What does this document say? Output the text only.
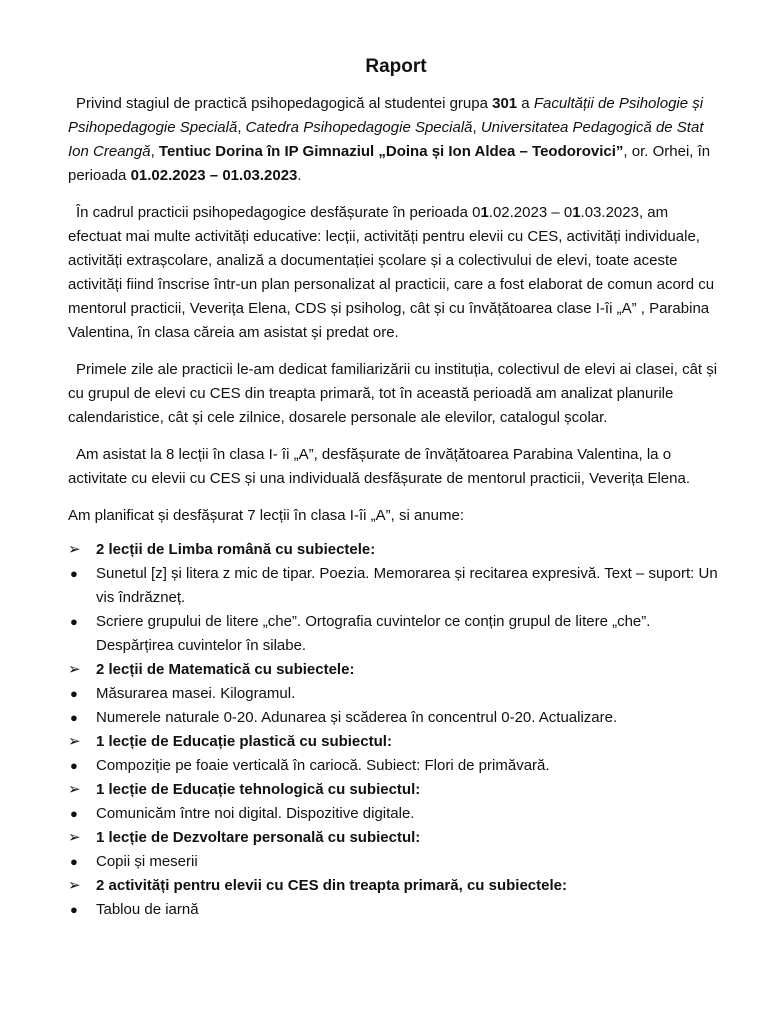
Raport

Privind stagiul de practică psihopedagogică al studentei grupa 301 a Facultății de Psihologie și Psihopedagogie Specială, Catedra Psihopedagogie Specială, Universitatea Pedagogică de Stat Ion Creangă, Tentiuc Dorina în IP Gimnaziul „Doina și Ion Aldea – Teodorovici”, or. Orhei, în perioada 01.02.2023 – 01.03.2023.

În cadrul practicii psihopedagogice desfășurate în perioada 01.02.2023 – 01.03.2023, am efectuat mai multe activități educative: lecții, activități pentru elevii cu CES, activități individuale, activități extrașcolare, analiză a documentației școlare și a colectivului de elevi, toate aceste activități fiind înscrise într-un plan personalizat al practicii, care a fost elaborat de comun acord cu mentorul practicii, Veverița Elena, CDS și psiholog, cât și cu învățătoarea clase I-îi „A” , Parabina Valentina, în clasa căreia am asistat și predat ore.

Primele zile ale practicii le-am dedicat familiarizării cu instituția, colectivul de elevi ai clasei, cât și cu grupul de elevi cu CES din treapta primară, tot în această perioadă am analizat planurile calendaristice, cât și cele zilnice, dosarele personale ale elevilor, catalogul școlar.

Am asistat la 8 lecții în clasa I- îi „A”, desfășurate de învățătoarea Parabina Valentina, la o activitate cu elevii cu CES și una individuală desfășurate de mentorul practicii, Veverița Elena.

Am planificat și desfășurat 7 lecții în clasa I-îi „A”, si anume:

➢	2 lecții de Limba română cu subiectele:
●	Sunetul [z] și litera z mic de tipar. Poezia. Memorarea și recitarea expresivă. Text – suport: Un vis îndrăzneț.
●	Scriere grupului de litere „che”. Ortografia cuvintelor ce conțin grupul de litere „che”. Despărțirea cuvintelor în silabe.
➢	2 lecții de Matematică cu subiectele:
●	Măsurarea masei. Kilogramul.
●	Numerele naturale 0-20. Adunarea și scăderea în concentrul 0-20. Actualizare.
➢	1 lecție de Educație plastică cu subiectul:
●	Compoziție pe foaie verticală în cariocă. Subiect: Flori de primăvară.
➢	1 lecție de Educație tehnologică cu subiectul:
●	Comunicăm între noi digital. Dispozitive digitale.
➢	1 lecție de Dezvoltare personală cu subiectul:
●	Copii și meserii
➢	2 activități pentru elevii cu CES din treapta primară, cu subiectele:
●	Tablou de iarnă
